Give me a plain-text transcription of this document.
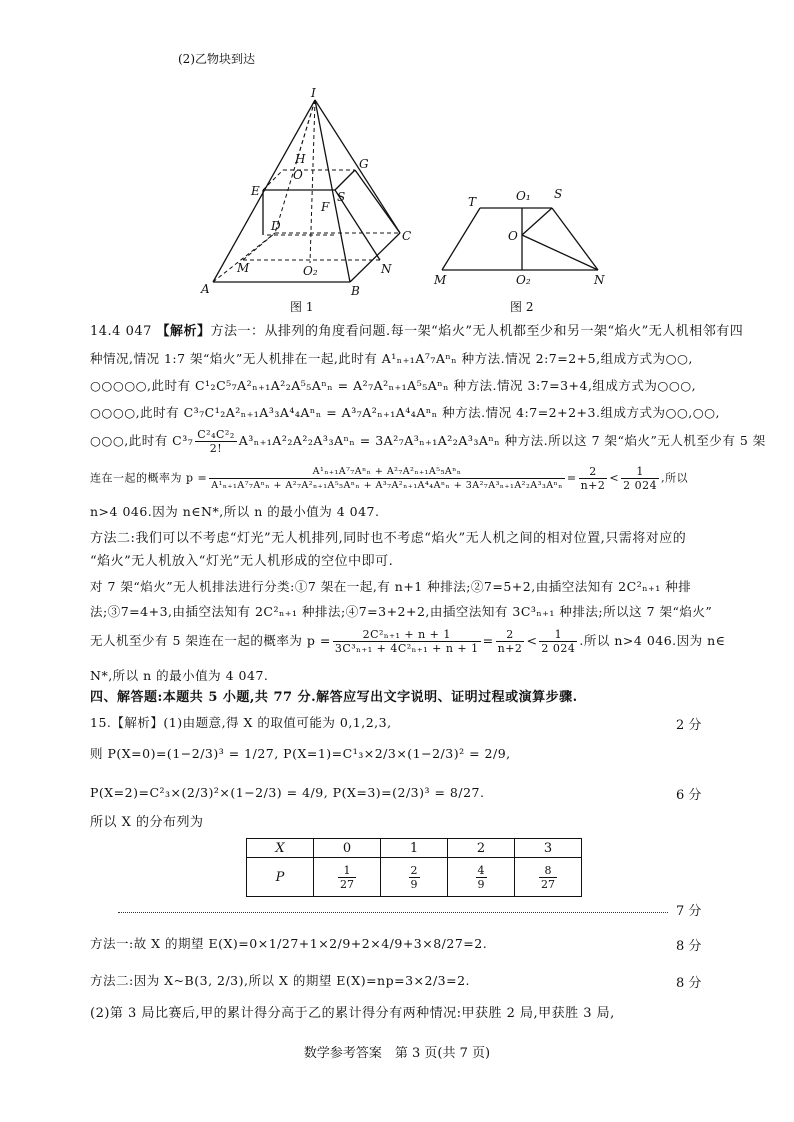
(2)乙物块到达
I
H	G
E
O
F
S
D
C
M	O₂	N
A	B
图 1
T	O₁ S
O
M	O₂	N
图 2
14.4 047 【解析】方法一：从排列的角度看问题.每一架“焰火”无人机都至少和另一架“焰火”无人机相邻有四
种情况,情况 1:7 架“焰火”无人机排在一起,此时有 A¹ₙ₊₁A⁷₇Aⁿₙ 种方法.情况 2:7=2+5,组成方式为○○,
○○○○○,此时有 C¹₂C⁵₇A²ₙ₊₁A²₂A⁵₅Aⁿₙ = A²₇A²ₙ₊₁A⁵₅Aⁿₙ 种方法.情况 3:7=3+4,组成方式为○○○,
○○○○,此时有 C³₇C¹₂A²ₙ₊₁A³₃A⁴₄Aⁿₙ = A³₇A²ₙ₊₁A⁴₄Aⁿₙ 种方法.情况 4:7=2+2+3.组成方式为○○,○○,
○○○,此时有 $C^3_7 \frac{\text{C²₄C²₂}}{2!} A^3_{n+1}A^2_2A^2_2A^3_3A^n_n = 3A^2_7A^3_{n+1}A^2_2A^3_3A^n_n$ 种方法.所以这 7 架“焰火”无人机至少有 5 架
连在一起的概率为 p =	A¹ₙ₊₁A⁷₇Aⁿₙ + A²₇A²ₙ₊₁A⁵₅Aⁿₙ
A¹ₙ₊₁A⁷₇Aⁿₙ + A²₇A²ₙ₊₁A⁵₅Aⁿₙ + A³₇A²ₙ₊₁A⁴₄Aⁿₙ + 3A²₇A³ₙ₊₁A²₂A³₃Aⁿₙ
= $\frac{2}{n+2} < \frac{1}{2 024}$ ,所以
n>4 046.因为 n∈N*,所以 n 的最小值为 4 047.
方法二:我们可以不考虑“灯光”无人机排列,同时也不考虑“焰火”无人机之间的相对位置,只需将对应的
“焰火”无人机放入“灯光”无人机形成的空位中即可.
对 7 架“焰火”无人机排法进行分类:①7 架在一起,有 n+1 种排法;②7=5+2,由插空法知有 2C²ₙ₊₁ 种排
法;③7=4+3,由插空法知有 2C²ₙ₊₁ 种排法;④7=3+2+2,由插空法知有 3C³ₙ₊₁ 种排法;所以这 7 架“焰火”
无人机至少有 5 架连在一起的概率为 $p = \frac{\text{2C²ₙ₊₁ + n + 1}}{\text{3C³ₙ₊₁ + 4C²ₙ₊₁ + n + 1}} = \frac{2}{n+2} < \frac{1}{2 024}$ .所以 n>4 046.因为 n∈
N*,所以 n 的最小值为 4 047.
四、解答题:本题共 5 小题,共 77 分.解答应写出文字说明、证明过程或演算步骤.
15.【解析】(1)由题意,得 X 的取值可能为 0,1,2,3,	2 分
则 P(X=0)=(1−2/3)³ = 1/27, P(X=1)=C¹₃×2/3×(1−2/3)² = 2/9,
P(X=2)=C²₃×(2/3)²×(1−2/3) = 4/9, P(X=3)=(2/3)³ = 8/27.	6 分
所以 X 的分布列为
X	0	1	2	3
P	$\frac{1}{27}$	$\frac{2}{9}$	$\frac{4}{9}$	$\frac{8}{27}$
7 分
方法一:故 X 的期望 E(X)=0×1/27+1×2/9+2×4/9+3×8/27=2.	8 分
方法二:因为 X~B(3, 2/3),所以 X 的期望 E(X)=np=3×2/3=2.	8 分
(2)第 3 局比赛后,甲的累计得分高于乙的累计得分有两种情况:甲获胜 2 局,甲获胜 3 局,
数学参考答案　第 3 页(共 7 页)
